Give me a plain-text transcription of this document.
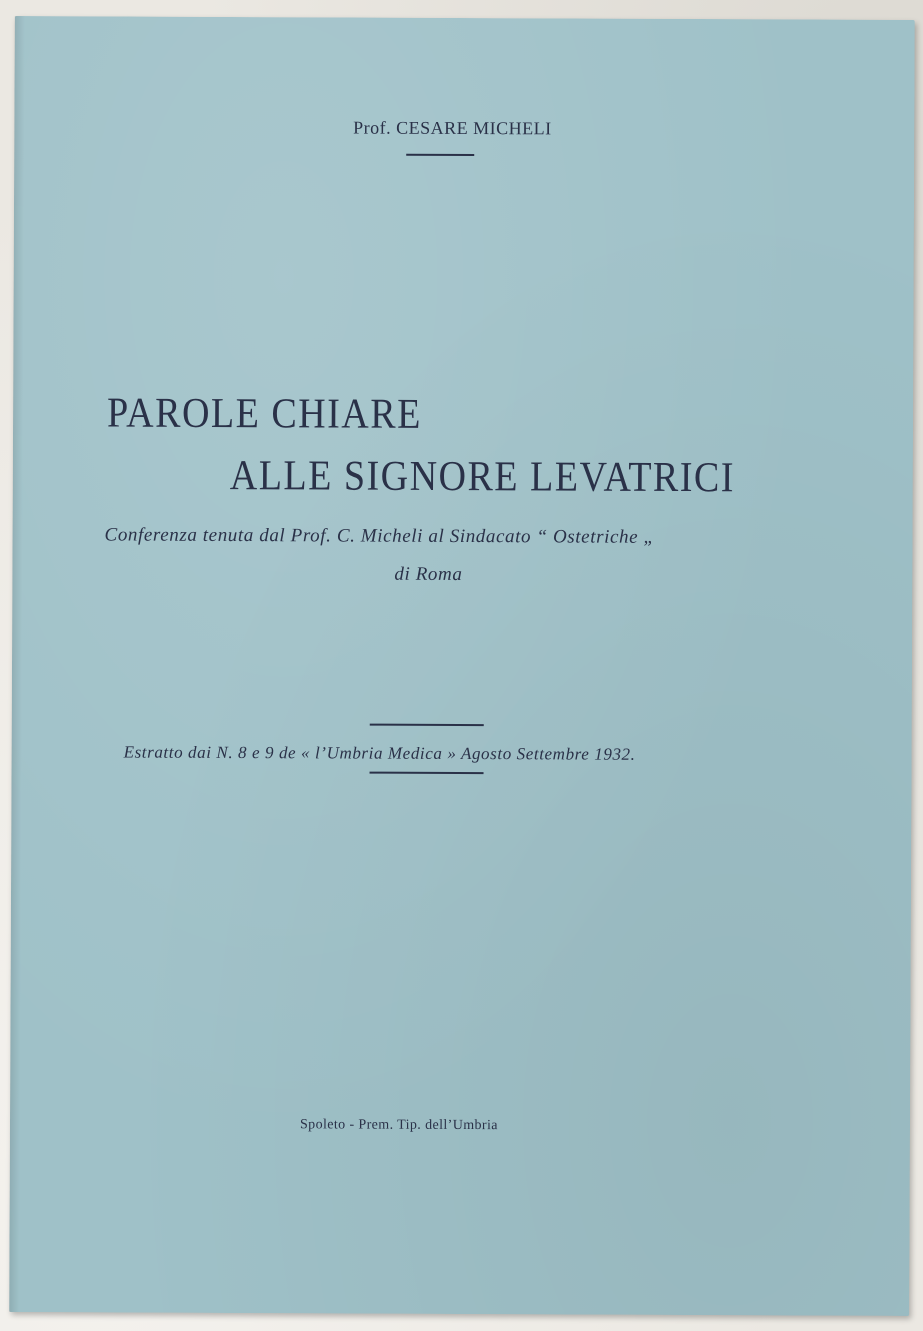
Prof. CESARE MICHELI
PAROLE CHIARE
ALLE SIGNORE LEVATRICI
Conferenza tenuta dal Prof. C. Micheli al Sindacato “ Ostetriche „
di Roma
Estratto dai N. 8 e 9 de « l’Umbria Medica » Agosto Settembre 1932.
Spoleto - Prem. Tip. dell’Umbria
